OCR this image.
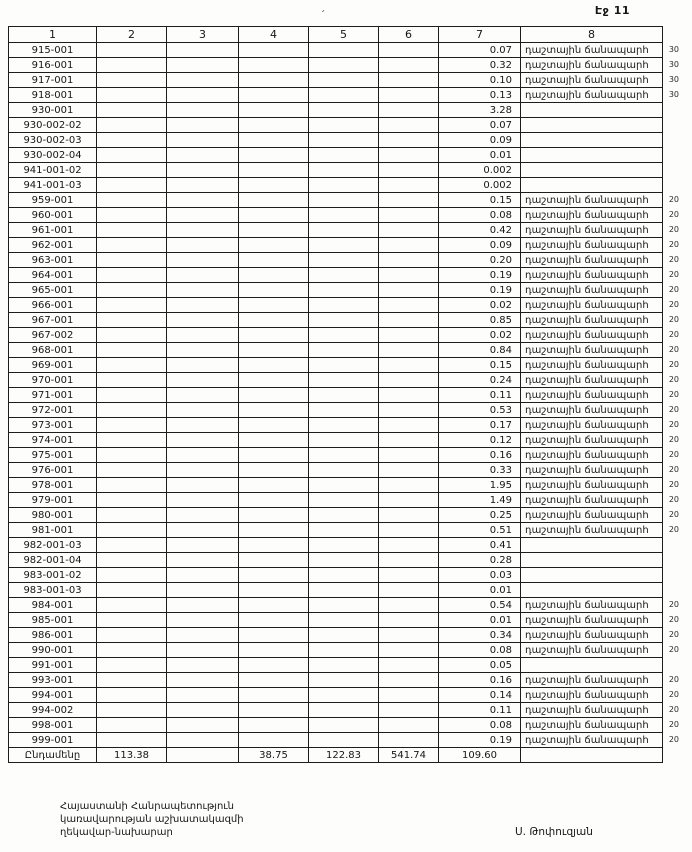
Էջ 11
՛
1	2	3	4	5	6	7	8
915-001						0.07	դաշտային ճանապարհ 30

916-001						0.32	դաշտային ճանապարհ 30

917-001						0.10	դաշտային ճանապարհ 30

918-001						0.13	դաշտային ճանապարհ 30

930-001						3.28	
930-002-02						0.07	
930-002-03						0.09	
930-002-04						0.01	
941-001-02						0.002	
941-001-03						0.002	
959-001						0.15	դաշտային ճանապարհ 20

960-001						0.08	դաշտային ճանապարհ 20

961-001						0.42	դաշտային ճանապարհ 20

962-001						0.09	դաշտային ճանապարհ 20

963-001						0.20	դաշտային ճանապարհ 20

964-001						0.19	դաշտային ճանապարհ 20

965-001						0.19	դաշտային ճանապարհ 20

966-001						0.02	դաշտային ճանապարհ 20

967-001						0.85	դաշտային ճանապարհ 20

967-002						0.02	դաշտային ճանապարհ 20

968-001						0.84	դաշտային ճանապարհ 20

969-001						0.15	դաշտային ճանապարհ 20

970-001						0.24	դաշտային ճանապարհ 20

971-001						0.11	դաշտային ճանապարհ 20

972-001						0.53	դաշտային ճանապարհ 20

973-001						0.17	դաշտային ճանապարհ 20

974-001						0.12	դաշտային ճանապարհ 20

975-001						0.16	դաշտային ճանապարհ 20

976-001						0.33	դաշտային ճանապարհ 20

978-001						1.95	դաշտային ճանապարհ 20

979-001						1.49	դաշտային ճանապարհ 20

980-001						0.25	դաշտային ճանապարհ 20

981-001						0.51	դաշտային ճանապարհ 20

982-001-03						0.41	
982-001-04						0.28	
983-001-02						0.03	
983-001-03						0.01	
984-001						0.54	դաշտային ճանապարհ 20

985-001						0.01	դաշտային ճանապարհ 20

986-001						0.34	դաշտային ճանապարհ 20

990-001						0.08	դաշտային ճանապարհ 20

991-001						0.05	
993-001						0.16	դաշտային ճանապարհ 20

994-001						0.14	դաշտային ճանապարհ 20

994-002						0.11	դաշտային ճանապարհ 20

998-001						0.08	դաշտային ճանապարհ 20

999-001						0.19	դաշտային ճանապարհ 20

Ընդամենը	113.38		38.75	122.83	541.74	109.60	
Հայաստանի Հանրապետություն
կառավարության աշխատակազմի
ղեկավար-նախարար	Ս. Թոփուզյան
